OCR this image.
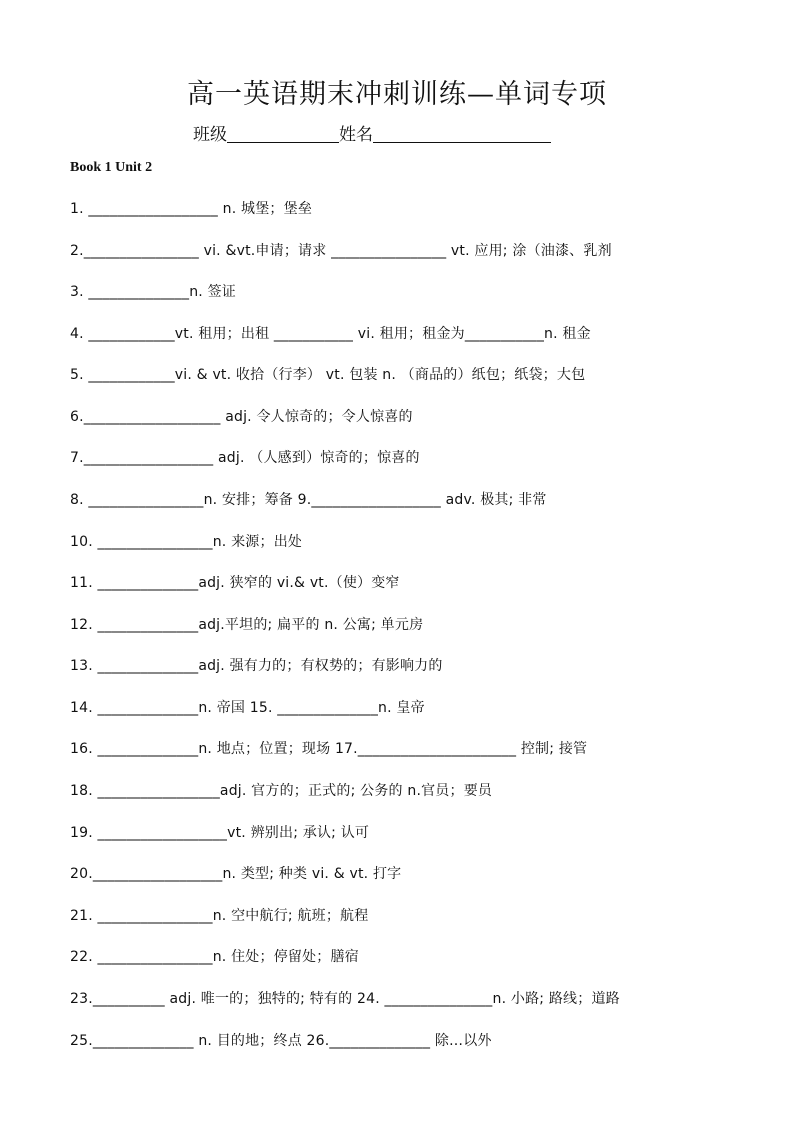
高一英语期末冲刺训练—单词专项
班级	姓名
Book 1 Unit 2
1. __________________ n. 城堡；堡垒
2.________________ vi. &vt.申请；请求 ________________ vt. 应用; 涂（油漆、乳剂
3. ______________n. 签证
4. ____________vt. 租用；出租 ___________ vi. 租用；租金为___________n. 租金
5. ____________vi. & vt. 收拾（行李） vt. 包装 n. （商品的）纸包；纸袋；大包
6.___________________ adj. 令人惊奇的；令人惊喜的
7.__________________ adj. （人感到）惊奇的；惊喜的
8. ________________n. 安排；筹备 9.__________________ adv. 极其; 非常
10. ________________n. 来源；出处
11. ______________adj. 狭窄的 vi.& vt.（使）变窄
12. ______________adj.平坦的; 扁平的 n. 公寓; 单元房
13. ______________adj. 强有力的；有权势的；有影响力的
14. ______________n. 帝国 15. ______________n. 皇帝
16. ______________n. 地点；位置；现场 17.______________________ 控制; 接管
18. _________________adj. 官方的；正式的; 公务的 n.官员；要员
19. __________________vt. 辨别出; 承认; 认可
20.__________________n. 类型; 种类 vi. & vt. 打字
21. ________________n. 空中航行; 航班；航程
22. ________________n. 住处；停留处；膳宿
23.__________ adj. 唯一的；独特的; 特有的 24. _______________n. 小路; 路线；道路
25.______________ n. 目的地；终点 26.______________ 除…以外
